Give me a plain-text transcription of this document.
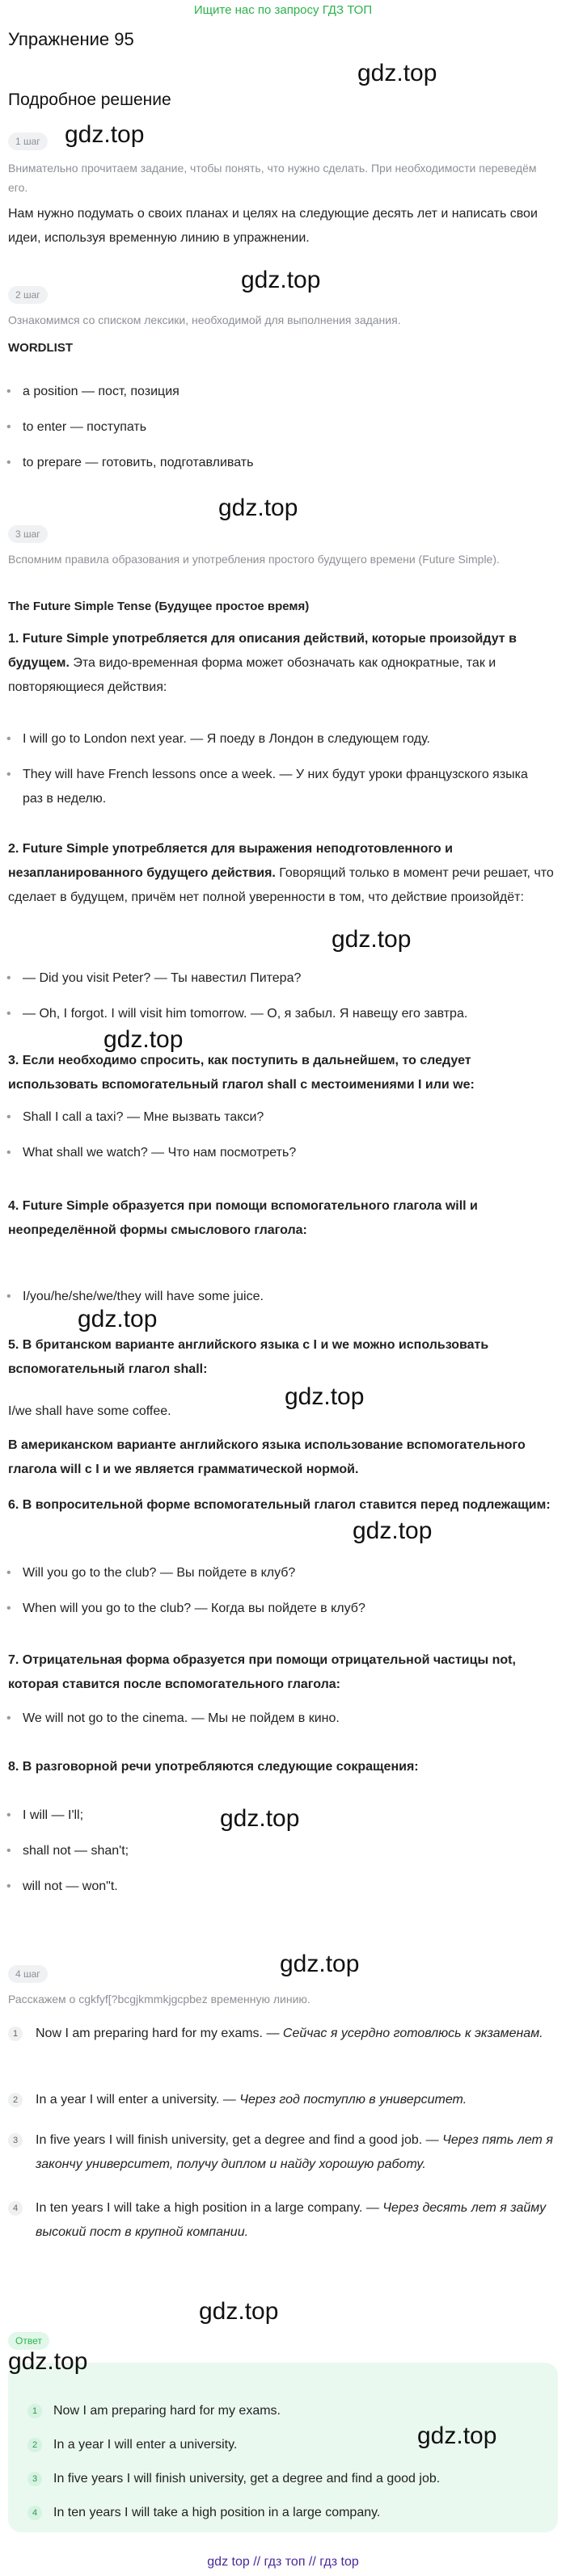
Ищите нас по запросу ГДЗ ТОП
Упражнение 95
gdz.top
Подробное решение
1 шаг	gdz.top
Внимательно прочитаем задание, чтобы понять, что нужно сделать. При необходимости переведём его.
Нам нужно подумать о своих планах и целях на следующие десять лет и написать свои идеи, используя временную линию в упражнении.
gdz.top
2 шаг
Ознакомимся со списком лексики, необходимой для выполнения задания.
WORDLIST
• a position — пост, позиция
• to enter — поступать
• to prepare — готовить, подготавливать
gdz.top
3 шаг
Вспомним правила образования и употребления простого будущего времени (Future Simple).
The Future Simple Tense (Будущее простое время)
1. Future Simple употребляется для описания действий, которые произойдут в будущем. Эта видо-временная форма может обозначать как однократные, так и повторяющиеся действия:
• I will go to London next year. — Я поеду в Лондон в следующем году.
• They will have French lessons once a week. — У них будут уроки французского языка раз в неделю.
2. Future Simple употребляется для выражения неподготовленного и незапланированного будущего действия. Говорящий только в момент речи решает, что сделает в будущем, причём нет полной уверенности в том, что действие произойдёт:
gdz.top
• — Did you visit Peter? — Ты навестил Питера?
• — Oh, I forgot. I will visit him tomorrow. — О, я забыл. Я навещу его завтра.
gdz.top
3. Если необходимо спросить, как поступить в дальнейшем, то следует использовать вспомогательный глагол shall с местоимениями I или we:
• Shall I call a taxi? — Мне вызвать такси?
• What shall we watch? — Что нам посмотреть?
4. Future Simple образуется при помощи вспомогательного глагола will и неопределённой формы смыслового глагола:
• I/you/he/she/we/they will have some juice.
gdz.top
5. В британском варианте английского языка с I и we можно использовать вспомогательный глагол shall:
gdz.top
I/we shall have some coffee.
В американском варианте английского языка использование вспомогательного глагола will с I и we является грамматической нормой.
6. В вопросительной форме вспомогательный глагол ставится перед подлежащим:
gdz.top
• Will you go to the club? — Вы пойдете в клуб?
• When will you go to the club? — Когда вы пойдете в клуб?
7. Отрицательная форма образуется при помощи отрицательной частицы not, которая ставится после вспомогательного глагола:
• We will not go to the cinema. — Мы не пойдем в кино.
8. В разговорной речи употребляются следующие сокращения:
• I will — I'll;	gdz.top
• shall not — shan't;
• will not — won"t.
gdz.top
4 шаг
Расскажем о cgkfyf[?bcgjkmmkjgcpbez временную линию.
1	Now I am preparing hard for my exams. — Сейчас я усердно готовлюсь к экзаменам.
2	In a year I will enter a university. — Через год поступлю в университет.
3	In five years I will finish university, get a degree and find a good job. — Через пять лет я закончу университет, получу диплом и найду хорошую работу.
4	In ten years I will take a high position in a large company. — Через десять лет я займу высокий пост в крупной компании.
gdz.top
Ответ
gdz.top
gdz.top
1	Now I am preparing hard for my exams.
2	In a year I will enter a university.
3	In five years I will finish university, get a degree and find a good job.
4	In ten years I will take a high position in a large company.
gdz top // гдз топ // гдз top
